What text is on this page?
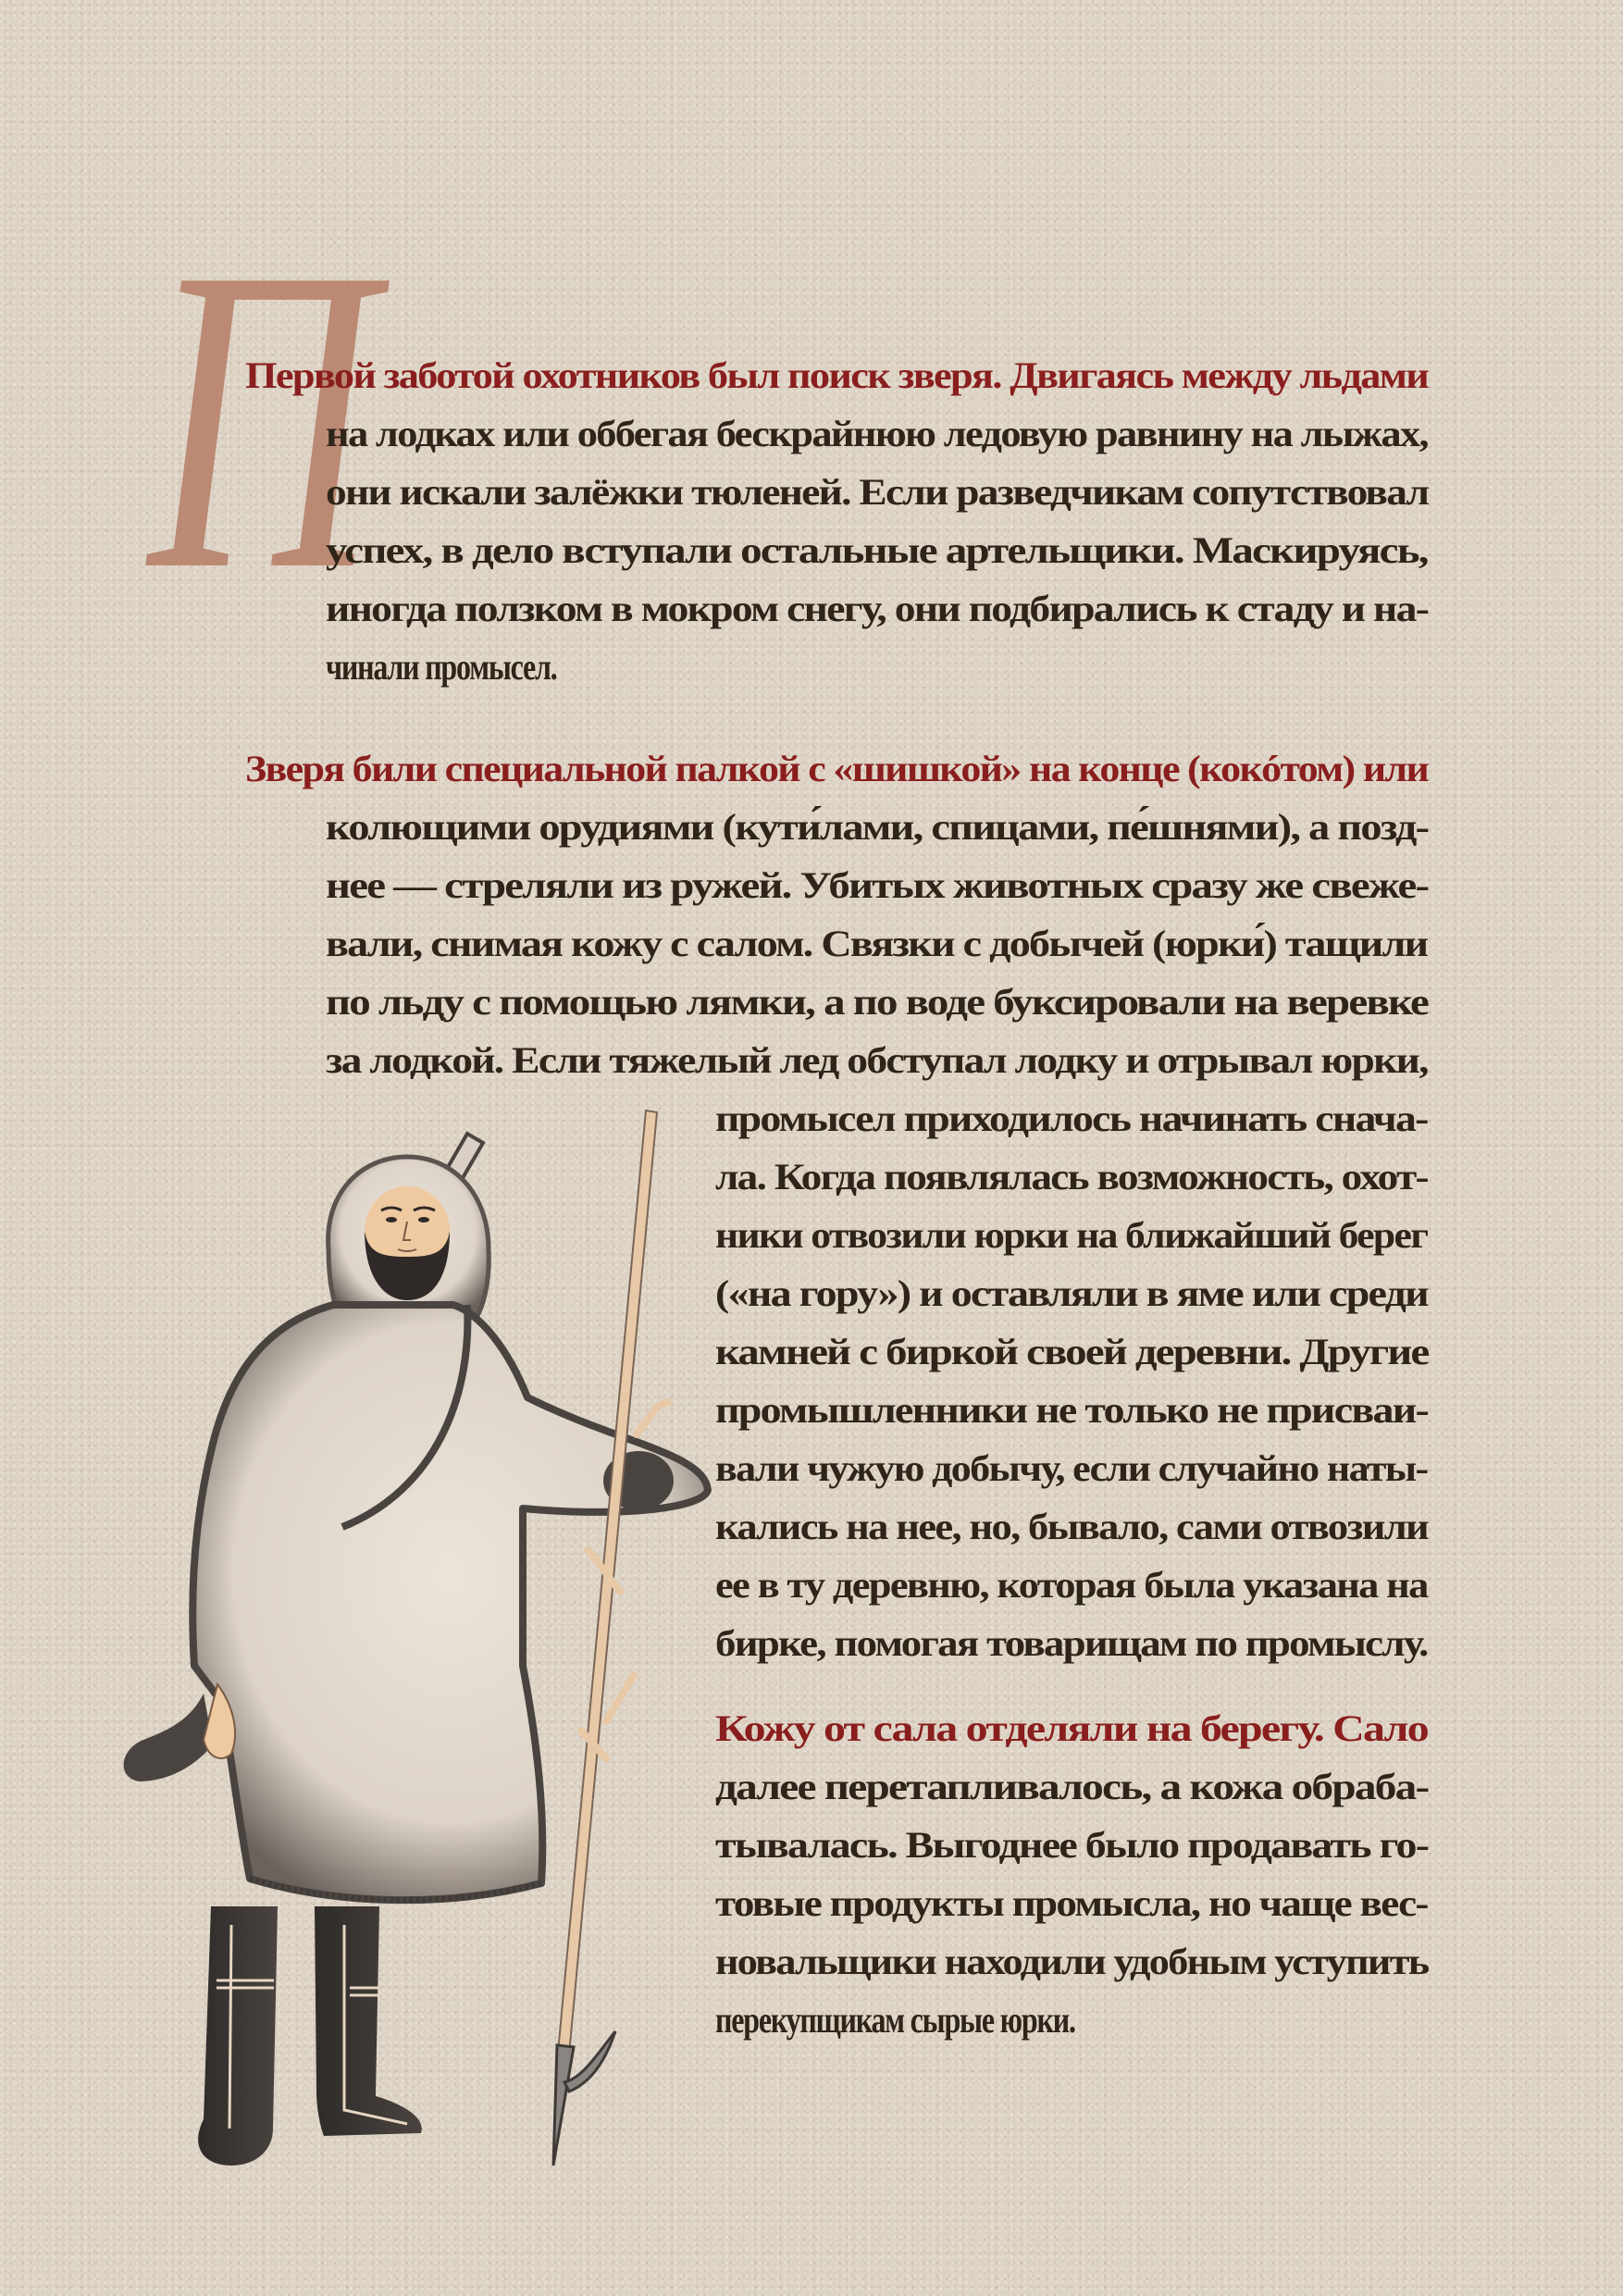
П
Первой заботой охотников был поиск зверя. Двигаясь между льдами
на лодках или оббегая бескрайнюю ледовую равнину на лыжах,
они искали залёжки тюленей. Если разведчикам сопутствовал
успех, в дело вступали остальные артельщики. Маскируясь,
иногда ползком в мокром снегу, они подбирались к стаду и на-
чинали промысел.
Зверя били специальной палкой с «шишкой» на конце (кокóтом) или
колющими орудиями (кути́лами, спицами, пе́шнями), а позд-
нее — стреляли из ружей. Убитых животных сразу же свеже-
вали, снимая кожу с салом. Связки с добычей (юрки́) тащили
по льду с помощью лямки, а по воде буксировали на веревке
за лодкой. Если тяжелый лед обступал лодку и отрывал юрки,
промысел приходилось начинать снача-
ла. Когда появлялась возможность, охот-
ники отвозили юрки на ближайший берег
(«на гору») и оставляли в яме или среди
камней с биркой своей деревни. Другие
промышленники не только не присваи-
вали чужую добычу, если случайно наты-
кались на нее, но, бывало, сами отвозили
ее в ту деревню, которая была указана на
бирке, помогая товарищам по промыслу.
Кожу от сала отделяли на берегу. Сало
далее перетапливалось, а кожа обраба-
тывалась. Выгоднее было продавать го-
товые продукты промысла, но чаще вес-
новальщики находили удобным уступить
перекупщикам сырые юрки.
